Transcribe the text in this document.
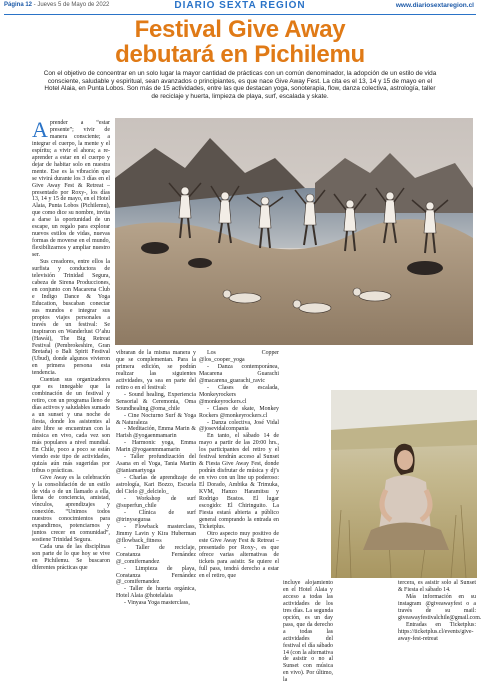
Página 12 - Jueves 5 de Mayo de 2022	DIARIO SEXTA REGIÓN	www.diariosextaregion.cl
Festival Give Away
debutará en Pichilemu
Con el objetivo de concentrar en un solo lugar la mayor cantidad de prácticas con un común denominador, la adopción de un estilo de vida consciente, saludable y espiritual, sean avanzados o principiantes, es que nace Give Away Fest. La cita es el 13, 14 y 15 de mayo en el Hotel Alaia, en Punta Lobos. Son más de 15 actividades, entre las que destacan yoga, sonoterapia, flow, danza colectiva, astrología, taller de reciclaje y huerta, limpieza de playa, surf, escalada y skate.

Aprender a “estar presente”; vivir de manera consciente; a integrar el cuerpo, la mente y el espíritu; a vivir el ahora; a re-aprender a estar en el cuerpo y dejar de habitar solo en nuestra mente. Ese es la vibración que se vivirá durante los 3 días en el Give Away Fest & Retreat –presentado por Roxy-, los días 13, 14 y 15 de mayo, en el Hotel Alaia, Punta Lobos (Pichilemu), que como dice su nombre, invita a darse la oportunidad de un escape, un regalo para explorar nuevos estilos de vidas, nuevas formas de moverse en el mundo, flexibilizarnos y ampliar nuestro ser.

Sus creadores, entre ellos la surfista y conductora de televisión Trinidad Segura, cabeza de Sirena Producciones, en conjunto con Macarena Club e Indigo Dance & Yoga Education, buscaban conectar sus mundos e integrar sus propios viajes personales a través de un festival: Se inspiraron en Wanderlust O’ahu (Hawái), The Big Retreat Festival (Pembrokeshire, Gran Bretaña) o Bali Spirit Festival (Ubud), donde algunos vivieron en primera persona esta tendencia.

Cuentan sus organizadores que es innegable que la combinación de un festival y retiro, con un programa lleno de días activos y saludables sumado a un sunset y una noche de fiesta, donde los asistentes al aire libre se encuentran con la música en vivo, cada vez son más populares a nivel mundial. En Chile, poco a poco se están viendo este tipo de actividades, quizás aún más sugeridas por tribus o prácticas.

Give Away es la celebración y la consolidación de un estilo de vida o de un llamado a ella, llena de conciencia, amistad, vínculos, aprendizajes y conexión. “Unimos todos nuestros conocimientos para expandirnos, potenciarnos y juntos crecer en comunidad”, sostiene Trinidad Segura.

Cada una de las disciplinas son parte de lo que hoy se vive en Pichilemu. Se buscaron diferentes prácticas que

vibraran de la misma manera y que se complementan. Para la primera edición, se podrán realizar las siguientes actividades, ya sea en parte del retiro o en el festival:

- Sound healing, Experiencia Sensorial & Ceremonia, Oma Soundhealing @oma_chile

- Cine Nocturno Surf & Yoga & Naturaleza

- Meditación, Emma Marin & Harish @yogaenmamarin

- Harmonic yoga, Emma Marin @yogaenmmamarin

- Taller profundización del Asana en el Yoga, Tania Martin @taniamartyoga

- Charlas de aprendizaje de astrología, Kari Bozzo, Escuela del Cielo @_delcielo_

- Workshop de surf @superfun_chile

- Clínica de surf @trinyseguraa

- Flowback masterclass, Jimmy Lavin y Kira Huberman @flowback_fitness

- Taller de reciclaje, Constanza Fernández @_comifernandez

- Limpieza de playa, Constanza Fernández @_comifernandez

- Taller de huerta orgánica, Hotel Alaia @hotelalaia

- Vinyasa Yoga masterclass,

Los Copper @los_cooper_yoga

- Danza contemporánea, Macarena Guarachi @macarena_guarachi_ravic

- Clases de escalada, Monkeyrockers @monkeyrockers.cl

- Clases de skate, Monkey Rockers @monkeyrockers.cl

- Danza colectiva, José Vidal @josevidalcompania

En tanto, el sábado 14 de mayo a partir de las 20:00 hrs., los participantes del retiro y el festival tendrán acceso al Sunset & Fiesta Give Away Fest, donde podrán disfrutar de música y dj’s en vivo con un line up poderoso: El Dorado, Ambika & Trimuka, KVM, Hanzo Haramitsu y Rodrigo Bustos. El lugar escogido: El Chiringuito. La Fiesta estará abierta a público general comprando la entrada en Ticketplus.

Otro aspecto muy positivo de este Give Away Fest & Retreat –presentado por Roxy-, es que ofrece varias alternativas de tickets para asistir. Se quiere el full pass, tendrá derecho a estar en el retiro, que

incluye alojamiento en el Hotel Alaia y acceso a todas las actividades de los tres días. La segunda opción, es un day pass, que da derecho a todas las actividades del festival el día sábado 14 (con la alternativa de asistir o no al Sunset con música en vivo). Por último, la

tercera, es asistir solo al Sunset & Fiesta el sábado 14.

Más información en su instagram @giveawayfest o a través de su mail: giveawayfestivalchile@gmail.com.

Entradas en Ticketplus: https://ticketplus.cl/events/give-away-fest-retreat
